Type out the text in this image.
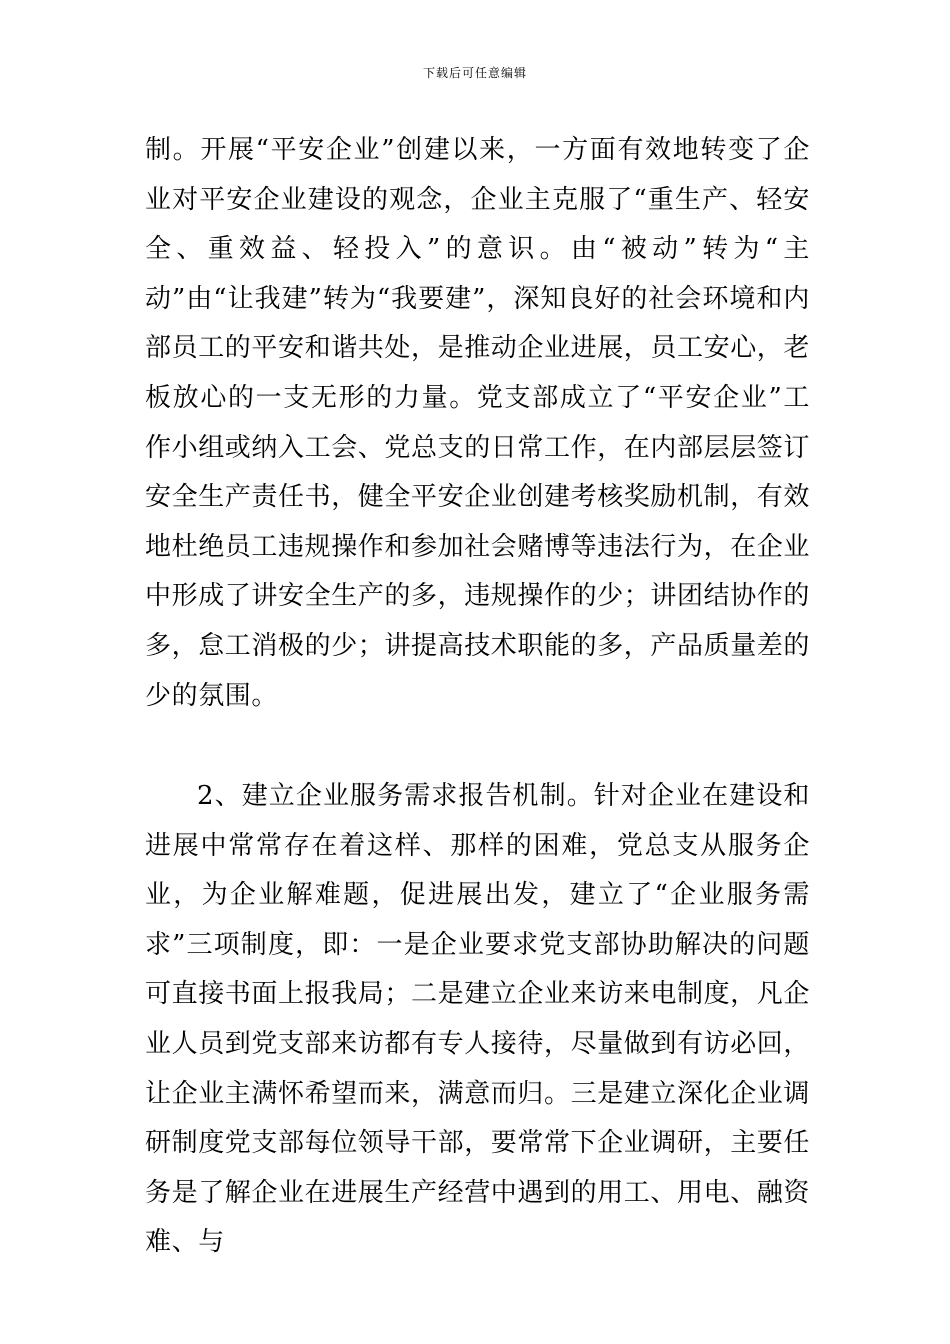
下载后可任意编辑

制。开展“平安企业”创建以来，一方面有效地转变了企业对平安企业建设的观念，企业主克服了“重生产、轻安全、重效益、轻投入”的意识。由“被动”转为“主动”由“让我建”转为“我要建”，深知良好的社会环境和内部员工的平安和谐共处，是推动企业进展，员工安心，老板放心的一支无形的力量。党支部成立了“平安企业”工作小组或纳入工会、党总支的日常工作，在内部层层签订安全生产责任书，健全平安企业创建考核奖励机制，有效地杜绝员工违规操作和参加社会赌博等违法行为，在企业中形成了讲安全生产的多，违规操作的少；讲团结协作的多，怠工消极的少；讲提高技术职能的多，产品质量差的少的氛围。

2、建立企业服务需求报告机制。针对企业在建设和进展中常常存在着这样、那样的困难，党总支从服务企业，为企业解难题，促进展出发，建立了“企业服务需求”三项制度，即：一是企业要求党支部协助解决的问题可直接书面上报我局；二是建立企业来访来电制度，凡企业人员到党支部来访都有专人接待，尽量做到有访必回，让企业主满怀希望而来，满意而归。三是建立深化企业调研制度党支部每位领导干部，要常常下企业调研，主要任务是了解企业在进展生产经营中遇到的用工、用电、融资难、与
